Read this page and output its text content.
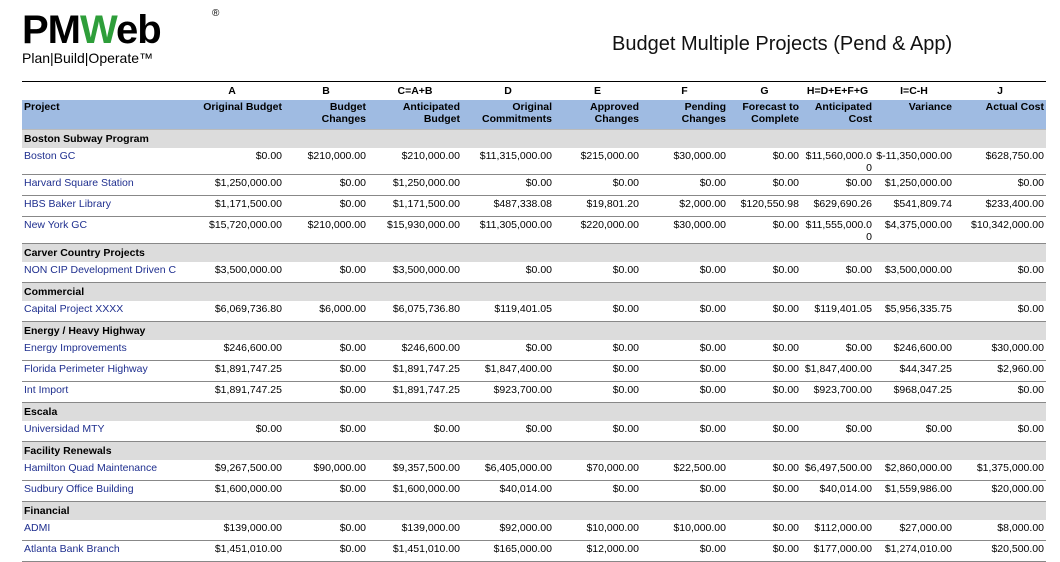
PMWeb	®
Plan|Build|Operate™
Budget Multiple Projects (Pend & App)
	A	B	C=A+B	D	E	F	G	H=D+E+F+G	I=C-H	J
Project	Original Budget	Budget Changes	Anticipated Budget	Original Commitments	Approved Changes	Pending Changes	Forecast to Complete	Anticipated Cost	Variance	Actual Cost
Boston Subway Program										
Boston GC	$0.00	$210,000.00	$210,000.00	$11,315,000.00	$215,000.00	$30,000.00	$0.00	$11,560,000.00	$-11,350,000.00	$628,750.00
Harvard Square Station	$1,250,000.00	$0.00	$1,250,000.00	$0.00	$0.00	$0.00	$0.00	$0.00	$1,250,000.00	$0.00
HBS Baker Library	$1,171,500.00	$0.00	$1,171,500.00	$487,338.08	$19,801.20	$2,000.00	$120,550.98	$629,690.26	$541,809.74	$233,400.00
New York GC	$15,720,000.00	$210,000.00	$15,930,000.00	$11,305,000.00	$220,000.00	$30,000.00	$0.00	$11,555,000.00	$4,375,000.00	$10,342,000.00
Carver Country Projects										
NON CIP Development Driven C	$3,500,000.00	$0.00	$3,500,000.00	$0.00	$0.00	$0.00	$0.00	$0.00	$3,500,000.00	$0.00
Commercial										
Capital Project XXXX	$6,069,736.80	$6,000.00	$6,075,736.80	$119,401.05	$0.00	$0.00	$0.00	$119,401.05	$5,956,335.75	$0.00
Energy / Heavy Highway										
Energy Improvements	$246,600.00	$0.00	$246,600.00	$0.00	$0.00	$0.00	$0.00	$0.00	$246,600.00	$30,000.00
Florida Perimeter Highway	$1,891,747.25	$0.00	$1,891,747.25	$1,847,400.00	$0.00	$0.00	$0.00	$1,847,400.00	$44,347.25	$2,960.00
Int Import	$1,891,747.25	$0.00	$1,891,747.25	$923,700.00	$0.00	$0.00	$0.00	$923,700.00	$968,047.25	$0.00
Escala										
Universidad MTY	$0.00	$0.00	$0.00	$0.00	$0.00	$0.00	$0.00	$0.00	$0.00	$0.00
Facility Renewals										
Hamilton Quad Maintenance	$9,267,500.00	$90,000.00	$9,357,500.00	$6,405,000.00	$70,000.00	$22,500.00	$0.00	$6,497,500.00	$2,860,000.00	$1,375,000.00
Sudbury Office Building	$1,600,000.00	$0.00	$1,600,000.00	$40,014.00	$0.00	$0.00	$0.00	$40,014.00	$1,559,986.00	$20,000.00
Financial										
ADMI	$139,000.00	$0.00	$139,000.00	$92,000.00	$10,000.00	$10,000.00	$0.00	$112,000.00	$27,000.00	$8,000.00
Atlanta Bank Branch	$1,451,010.00	$0.00	$1,451,010.00	$165,000.00	$12,000.00	$0.00	$0.00	$177,000.00	$1,274,010.00	$20,500.00
